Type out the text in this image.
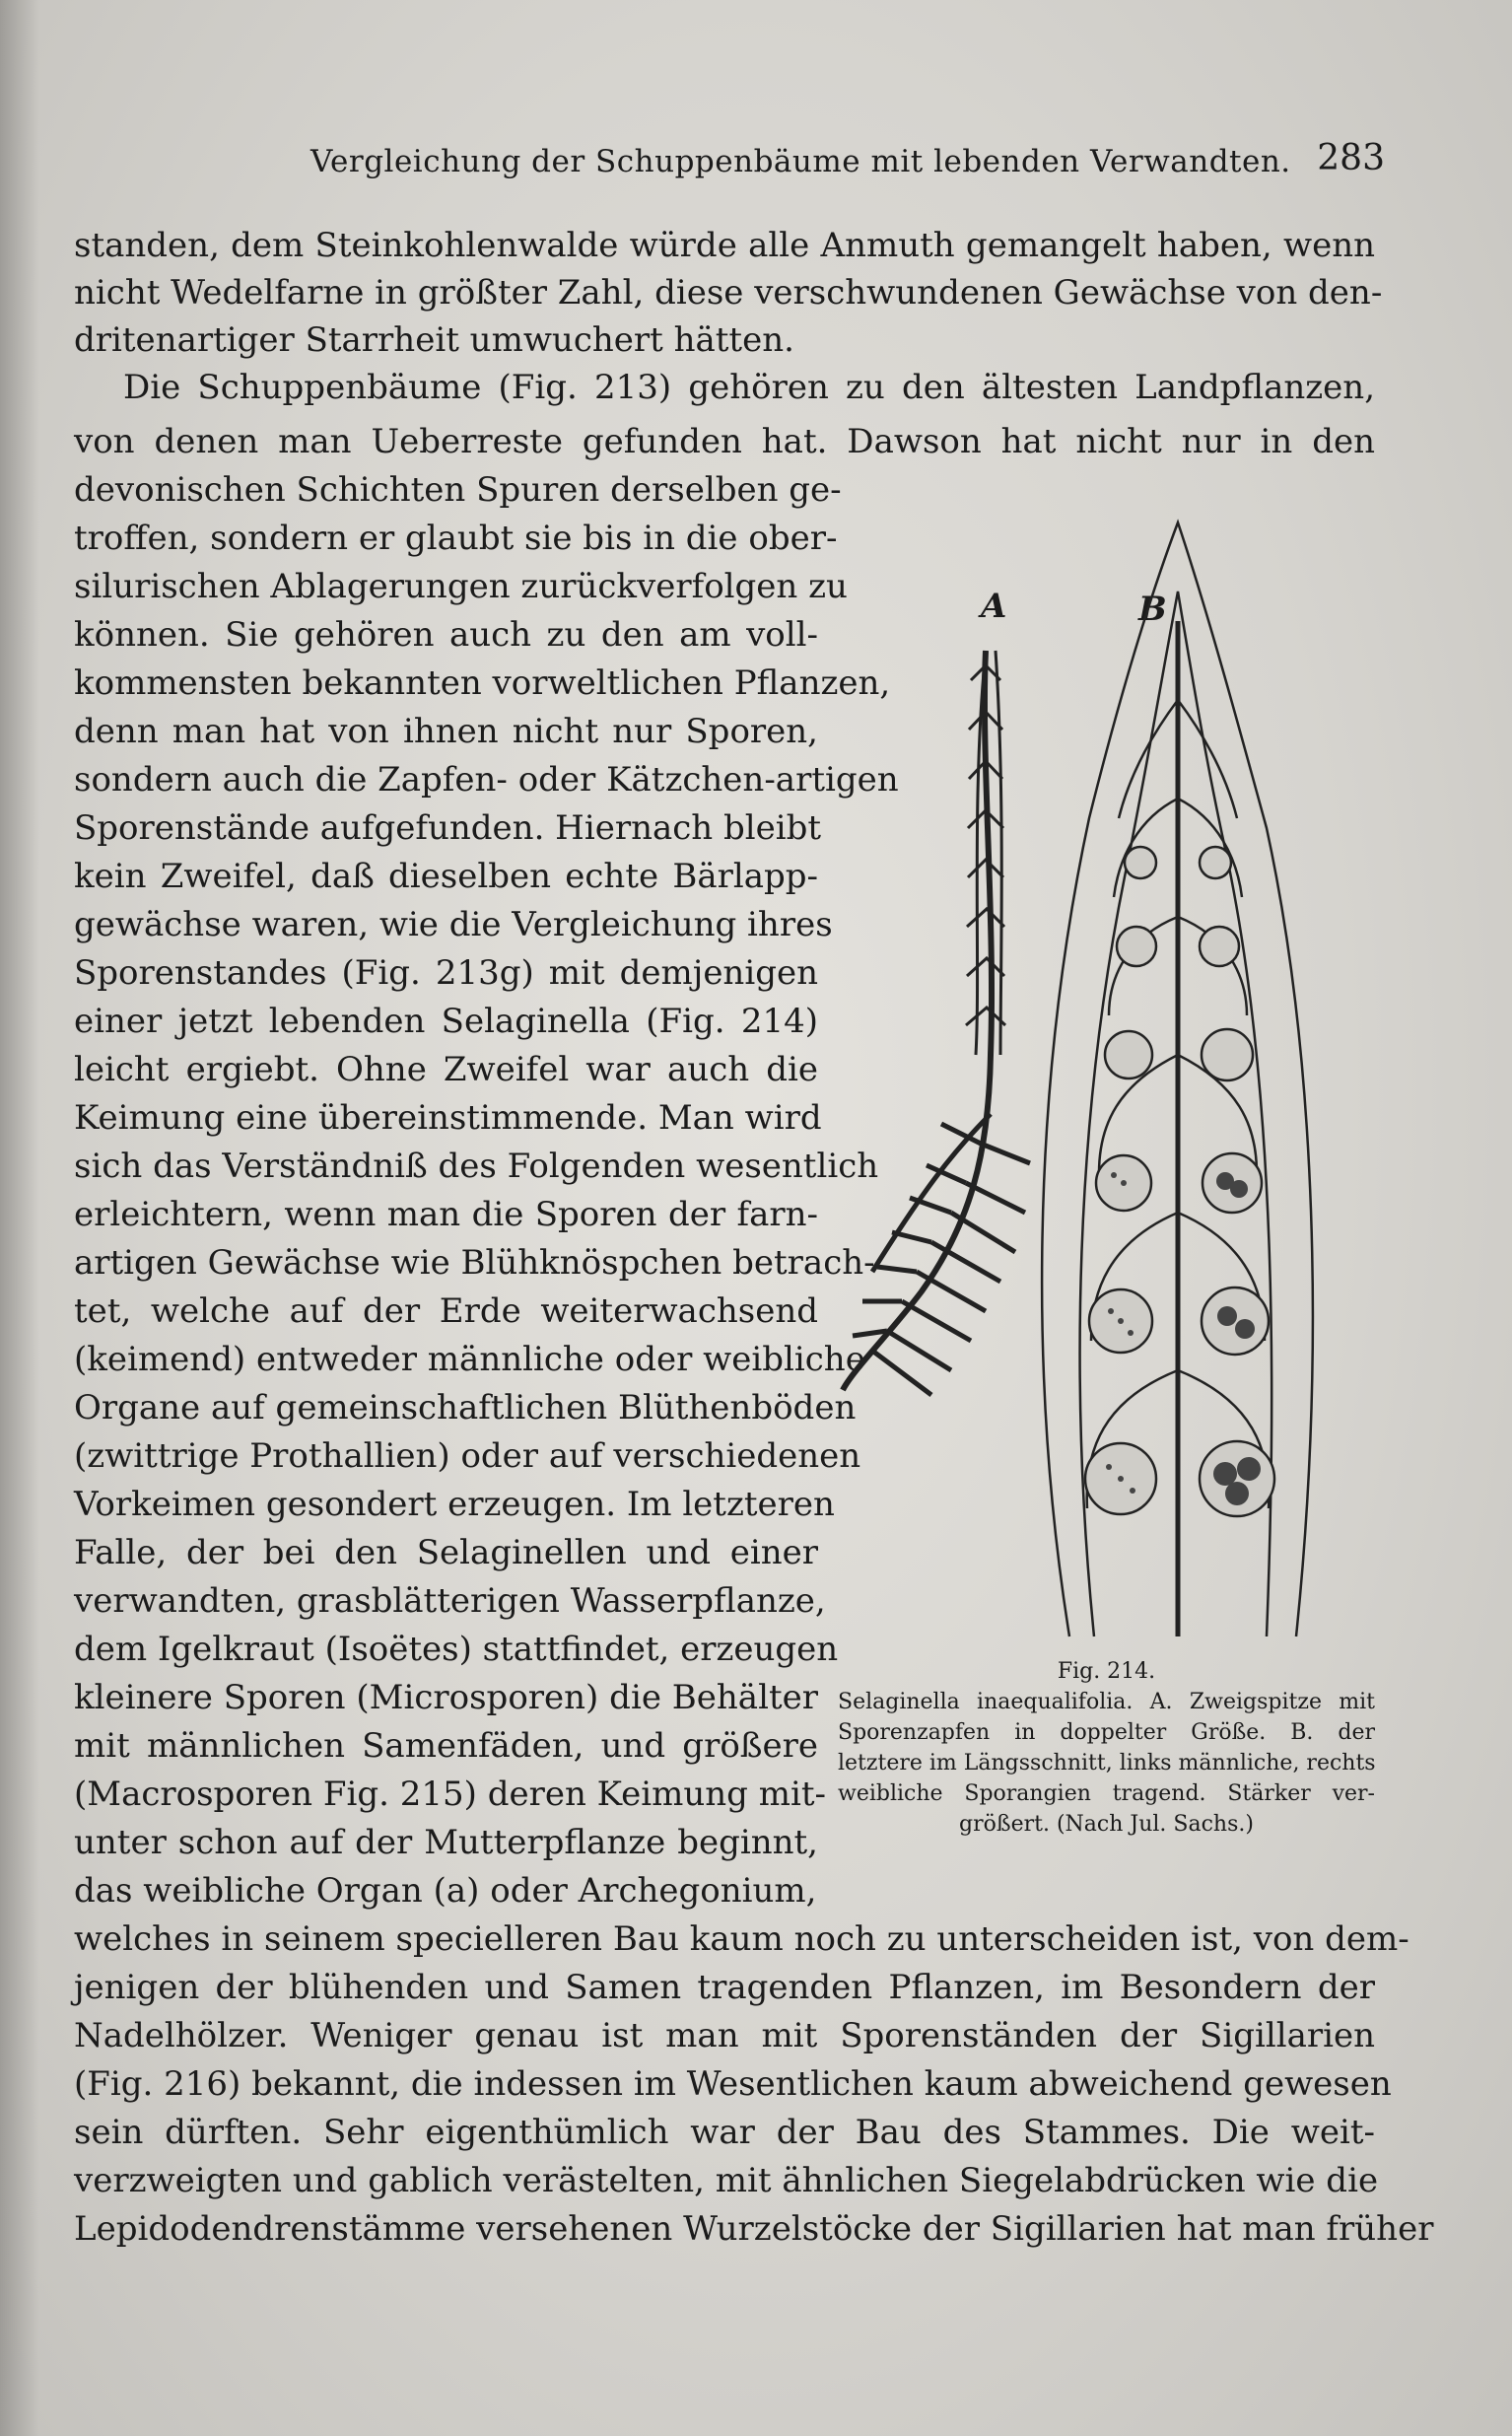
Vergleichung der Schuppenbäume mit lebenden Verwandten. 283
standen, dem Steinkohlenwalde würde alle Anmuth gemangelt haben, wenn
nicht Wedelfarne in größter Zahl, diese verschwundenen Gewächse von den-
dritenartiger Starrheit umwuchert hätten.
Die Schuppenbäume (Fig. 213) gehören zu den ältesten Landpflanzen,
von denen man Ueberreste gefunden hat. Dawson hat nicht nur in den
devonischen Schichten Spuren derselben ge-
troffen, sondern er glaubt sie bis in die ober-
silurischen Ablagerungen zurückverfolgen zu
können. Sie gehören auch zu den am voll-
kommensten bekannten vorweltlichen Pflanzen,
denn man hat von ihnen nicht nur Sporen,
sondern auch die Zapfen- oder Kätzchen-artigen
Sporenstände aufgefunden. Hiernach bleibt
kein Zweifel, daß dieselben echte Bärlapp-
gewächse waren, wie die Vergleichung ihres
Sporenstandes (Fig. 213g) mit demjenigen
einer jetzt lebenden Selaginella (Fig. 214)
leicht ergiebt. Ohne Zweifel war auch die
Keimung eine übereinstimmende. Man wird
sich das Verständniß des Folgenden wesentlich
erleichtern, wenn man die Sporen der farn-
artigen Gewächse wie Blühknöspchen betrach-
tet, welche auf der Erde weiterwachsend
(keimend) entweder männliche oder weibliche
Organe auf gemeinschaftlichen Blüthenböden
(zwittrige Prothallien) oder auf verschiedenen
Vorkeimen gesondert erzeugen. Im letzteren
Falle, der bei den Selaginellen und einer
verwandten, grasblätterigen Wasserpflanze,
dem Igelkraut (Isoëtes) stattfindet, erzeugen
kleinere Sporen (Microsporen) die Behälter
mit männlichen Samenfäden, und größere
(Macrosporen Fig. 215) deren Keimung mit-
unter schon auf der Mutterpflanze beginnt,
das weibliche Organ (a) oder Archegonium,
welches in seinem specielleren Bau kaum noch zu unterscheiden ist, von dem-
jenigen der blühenden und Samen tragenden Pflanzen, im Besondern der
Nadelhölzer. Weniger genau ist man mit Sporenständen der Sigillarien
(Fig. 216) bekannt, die indessen im Wesentlichen kaum abweichend gewesen
sein dürften. Sehr eigenthümlich war der Bau des Stammes. Die weit-
verzweigten und gablich verästelten, mit ähnlichen Siegelabdrücken wie die
Lepidodendrenstämme versehenen Wurzelstöcke der Sigillarien hat man früher
A	B
Fig. 214.
Selaginella inaequalifolia. A. Zweigspitze mit
Sporenzapfen in doppelter Größe. B. der
letztere im Längsschnitt, links männliche, rechts
weibliche Sporangien tragend. Stärker ver-
größert. (Nach Jul. Sachs.)
